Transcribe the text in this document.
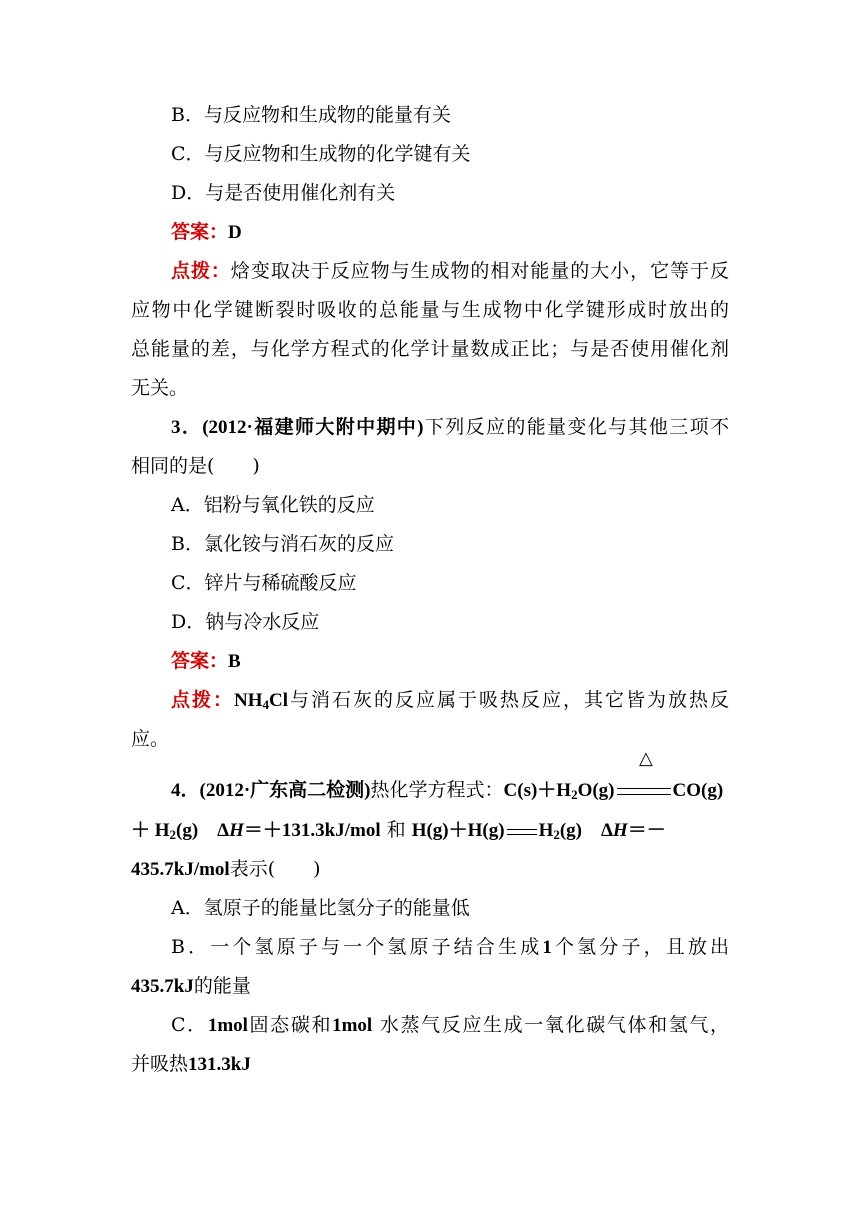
B．与反应物和生成物的能量有关
C．与反应物和生成物的化学键有关
D．与是否使用催化剂有关
答案：D
点拨：焓变取决于反应物与生成物的相对能量的大小，它等于反
应物中化学键断裂时吸收的总能量与生成物中化学键形成时放出的
总能量的差，与化学方程式的化学计量数成正比；与是否使用催化剂
无关。
3．(2012·福建师大附中期中)下列反应的能量变化与其他三项不
相同的是(　　)
A．铝粉与氧化铁的反应
B．氯化铵与消石灰的反应
C．锌片与稀硫酸反应
D．钠与冷水反应
答案：B
点拨：$NH_4Cl$与消石灰的反应属于吸热反应，其它皆为放热反
应。
△
4．(2012·广东高二检测)热化学方程式：$C(s)+H_2O(g)$	CO(g)
＋ $H_2(g)$　ΔH＝＋131.3kJ/mol 和 H(g)＋H(g) $H_2(g)$　ΔH＝－
435.7kJ/mol表示(　　)
A．氢原子的能量比氢分子的能量低
B．一个氢原子与一个氢原子结合生成1个氢分子，且放出
435.7kJ的能量
C．1mol固态碳和1mol 水蒸气反应生成一氧化碳气体和氢气，
并吸热131.3kJ
